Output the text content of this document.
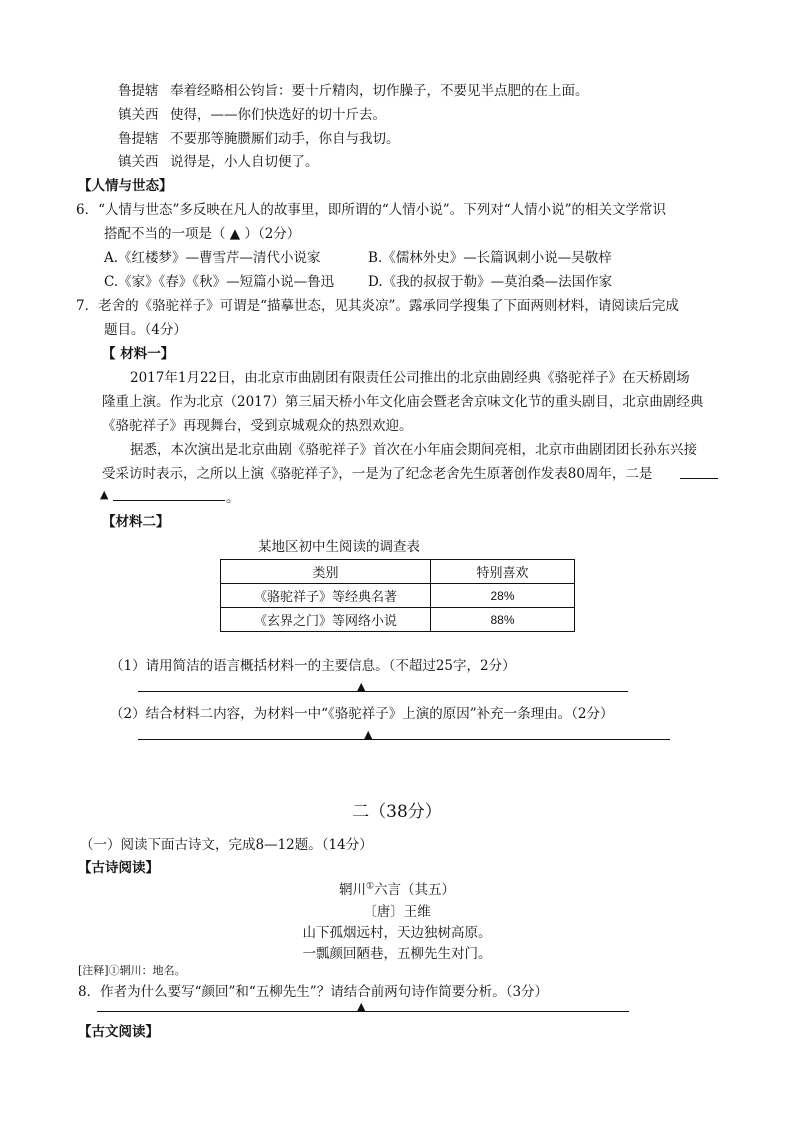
鲁提辖 奉着经略相公钧旨：要十斤精肉，切作臊子，不要见半点肥的在上面。
镇关西 使得，——你们快选好的切十斤去。
鲁提辖 不要那等腌臜厮们动手，你自与我切。
镇关西 说得是，小人自切便了。
【人情与世态】
6．“人情与世态”多反映在凡人的故事里，即所谓的“人情小说”。下列对“人情小说”的相关文学常识
搭配不当的一项是（ ▲ ）（2分）
A.《红楼梦》—曹雪芹—清代小说家	B.《儒林外史》—长篇讽刺小说—吴敬梓
C.《家》《春》《秋》—短篇小说—鲁迅	D.《我的叔叔于勒》—莫泊桑—法国作家
7．老舍的《骆驼祥子》可谓是“描摹世态，见其炎凉”。露承同学搜集了下面两则材料，请阅读后完成
题目。（4分）
【 材料一】
2017年1月22日，由北京市曲剧团有限责任公司推出的北京曲剧经典《骆驼祥子》在天桥剧场
隆重上演。作为北京（2017）第三届天桥小年文化庙会暨老舍京味文化节的重头剧目，北京曲剧经典
《骆驼祥子》再现舞台，受到京城观众的热烈欢迎。
据悉，本次演出是北京曲剧《骆驼祥子》首次在小年庙会期间亮相，北京市曲剧团团长孙东兴接
受采访时表示，之所以上演《骆驼祥子》，一是为了纪念老舍先生原著创作发表80周年，二是
▲	。
【材料二】
某地区初中生阅读的调查表
类别	特别喜欢
《骆驼祥子》等经典名著	28%
《玄界之门》等网络小说	88%
（1）请用简洁的语言概括材料一的主要信息。（不超过25字，2分）
▲
（2）结合材料二内容，为材料一中“《骆驼祥子》上演的原因”补充一条理由。（2分）
▲
二（38分）
（一）阅读下面古诗文，完成8—12题。（14分）
【古诗阅读】
辋川①六言（其五）
〔唐〕王维
山下孤烟远村，天边独树高原。
一瓢颜回陋巷，五柳先生对门。
[注释]①辋川：地名。
8．作者为什么要写“颜回”和“五柳先生”？请结合前两句诗作简要分析。（3分）
▲
【古文阅读】
